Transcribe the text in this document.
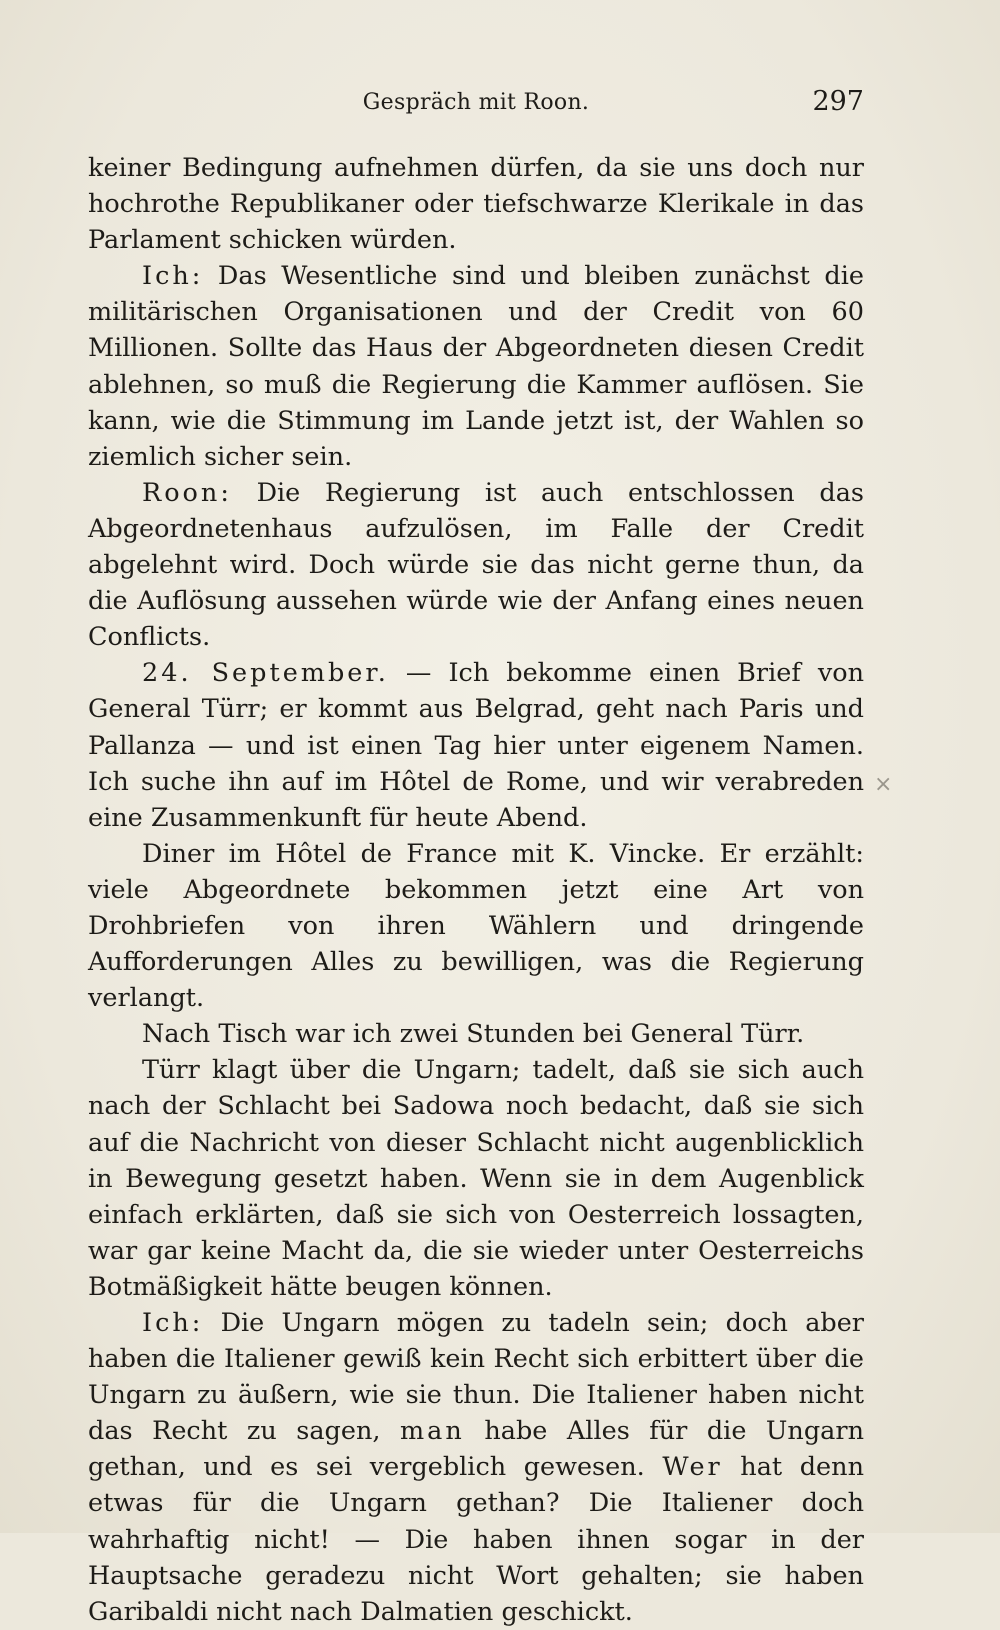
Gespräch mit Roon.	297

keiner Bedingung aufnehmen dürfen, da sie uns doch nur hochrothe Republikaner oder tiefschwarze Klerikale in das Parlament schicken würden.

Ich: Das Wesentliche sind und bleiben zunächst die militärischen Organisationen und der Credit von 60 Millionen. Sollte das Haus der Abgeordneten diesen Credit ablehnen, so muß die Regierung die Kammer auflösen. Sie kann, wie die Stimmung im Lande jetzt ist, der Wahlen so ziemlich sicher sein.

Roon: Die Regierung ist auch entschlossen das Abgeordnetenhaus aufzulösen, im Falle der Credit abgelehnt wird. Doch würde sie das nicht gerne thun, da die Auflösung aussehen würde wie der Anfang eines neuen Conflicts.

24. September. — Ich bekomme einen Brief von General Türr; er kommt aus Belgrad, geht nach Paris und Pallanza — und ist einen Tag hier unter eigenem Namen. Ich suche ihn auf im Hôtel de Rome, und wir verabreden eine Zusammenkunft für heute Abend.

Diner im Hôtel de France mit K. Vincke. Er erzählt: viele Abgeordnete bekommen jetzt eine Art von Drohbriefen von ihren Wählern und dringende Aufforderungen Alles zu bewilligen, was die Regierung verlangt.

Nach Tisch war ich zwei Stunden bei General Türr.

Türr klagt über die Ungarn; tadelt, daß sie sich auch nach der Schlacht bei Sadowa noch bedacht, daß sie sich auf die Nachricht von dieser Schlacht nicht augenblicklich in Bewegung gesetzt haben. Wenn sie in dem Augenblick einfach erklärten, daß sie sich von Oesterreich lossagten, war gar keine Macht da, die sie wieder unter Oesterreichs Botmäßigkeit hätte beugen können.

Ich: Die Ungarn mögen zu tadeln sein; doch aber haben die Italiener gewiß kein Recht sich erbittert über die Ungarn zu äußern, wie sie thun. Die Italiener haben nicht das Recht zu sagen, man habe Alles für die Ungarn gethan, und es sei vergeblich gewesen. Wer hat denn etwas für die Ungarn gethan? Die Italiener doch wahrhaftig nicht! — Die haben ihnen sogar in der Hauptsache geradezu nicht Wort gehalten; sie haben Garibaldi nicht nach Dalmatien geschickt.

×
